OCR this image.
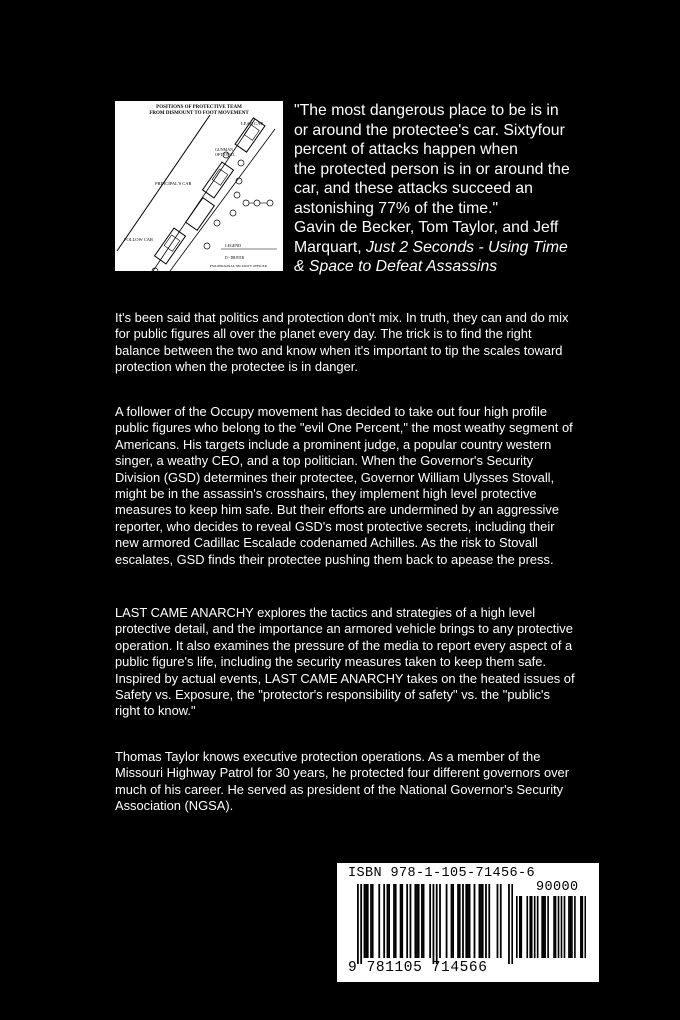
POSITIONS OF PROTECTIVE TEAM
FROM DISMOUNT TO FOOT MOVEMENT
LEAD CAR
GUNMAN -
OPTIONAL
PRINCIPAL'S CAR
FOLLOW CAR
LEGEND
D - DRIVER
PSO-PERSONAL SECURITY OFFICER
"The most dangerous place to be is in
or around the protectee's car. Sixtyfour
percent of attacks happen when
the protected person is in or around the
car, and these attacks succeed an
astonishing 77% of the time."
Gavin de Becker, Tom Taylor, and Jeff
Marquart, Just 2 Seconds - Using Time
& Space to Defeat Assassins

It's been said that politics and protection don't mix. In truth, they can and do mix for public figures all over the planet every day. The trick is to find the right balance between the two and know when it's important to tip the scales toward protection when the protectee is in danger.

A follower of the Occupy movement has decided to take out four high profile public figures who belong to the "evil One Percent," the most weathy segment of Americans. His targets include a prominent judge, a popular country western singer, a weathy CEO, and a top politician. When the Governor's Security Division (GSD) determines their protectee, Governor William Ulysses Stovall, might be in the assassin's crosshairs, they implement high level protective measures to keep him safe. But their efforts are undermined by an aggressive reporter, who decides to reveal GSD's most protective secrets, including their new armored Cadillac Escalade codenamed Achilles. As the risk to Stovall escalates, GSD finds their protectee pushing them back to apease the press.

LAST CAME ANARCHY explores the tactics and strategies of a high level protective detail, and the importance an armored vehicle brings to any protective operation. It also examines the pressure of the media to report every aspect of a public figure's life, including the security measures taken to keep them safe. Inspired by actual events, LAST CAME ANARCHY takes on the heated issues of Safety vs. Exposure, the "protector's responsibility of safety" vs. the "public's right to know."

Thomas Taylor knows executive protection operations. As a member of the Missouri Highway Patrol for 30 years, he protected four different governors over much of his career. He served as president of the National Governor's Security Association (NGSA).

ISBN 978-1-105-71456-6
90000
9 781105 714566
